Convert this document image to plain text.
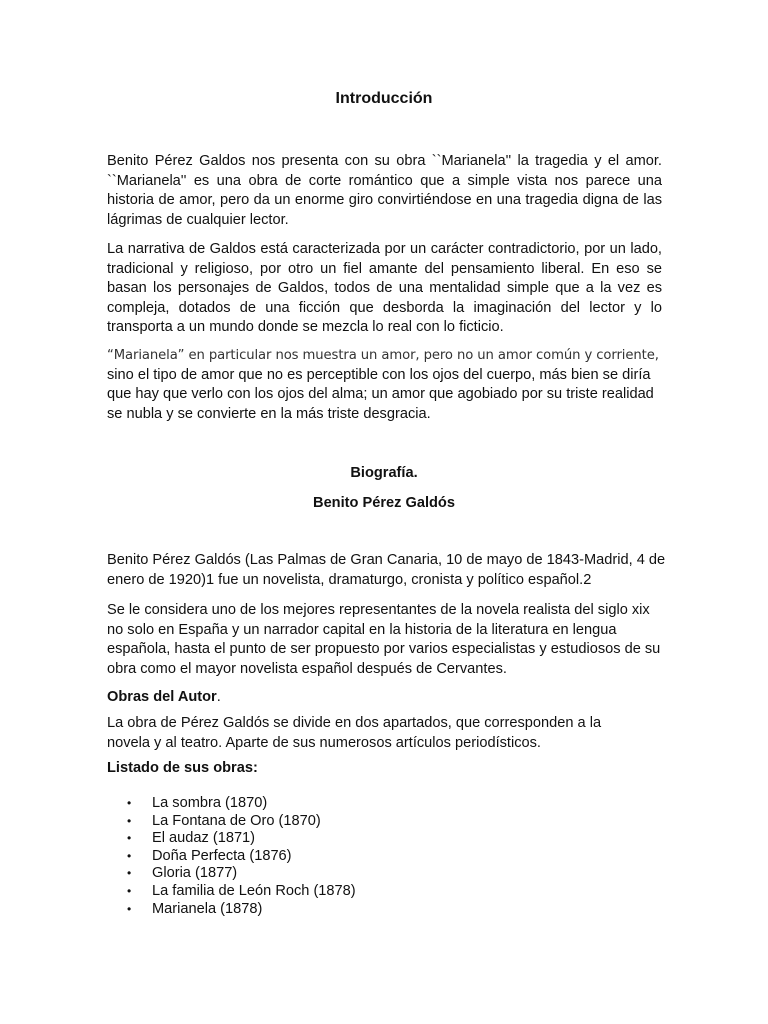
Introducción

Benito Pérez Galdos nos presenta con su obra ``Marianela'' la tragedia y el amor. ``Marianela'' es una obra de corte romántico que a simple vista nos parece una historia de amor, pero da un enorme giro convirtiéndose en una tragedia digna de las lágrimas de cualquier lector.

La narrativa de Galdos está caracterizada por un carácter contradictorio, por un lado, tradicional y religioso, por otro un fiel amante del pensamiento liberal. En eso se basan los personajes de Galdos, todos de una mentalidad simple que a la vez es compleja, dotados de una ficción que desborda la imaginación del lector y lo transporta a un mundo donde se mezcla lo real con lo ficticio.

“Marianela” en particular nos muestra un amor, pero no un amor común y corriente,
sino el tipo de amor que no es perceptible con los ojos del cuerpo, más bien se diría que hay que verlo con los ojos del alma; un amor que agobiado por su triste realidad se nubla y se convierte en la más triste desgracia.

Biografía.

Benito Pérez Galdós

Benito Pérez Galdós (Las Palmas de Gran Canaria, 10 de mayo de 1843-Madrid, 4 de enero de 1920)1 fue un novelista, dramaturgo, cronista y político español.2

Se le considera uno de los mejores representantes de la novela realista del siglo xix no solo en España y un narrador capital en la historia de la literatura en lengua española, hasta el punto de ser propuesto por varios especialistas y estudiosos de su obra como el mayor novelista español después de Cervantes.

Obras del Autor.

La obra de Pérez Galdós se divide en dos apartados, que corresponden a la novela y al teatro. Aparte de sus numerosos artículos periodísticos.

Listado de sus obras:

• La sombra (1870)
• La Fontana de Oro (1870)
• El audaz (1871)
• Doña Perfecta (1876)
• Gloria (1877)
• La familia de León Roch (1878)
• Marianela (1878)
